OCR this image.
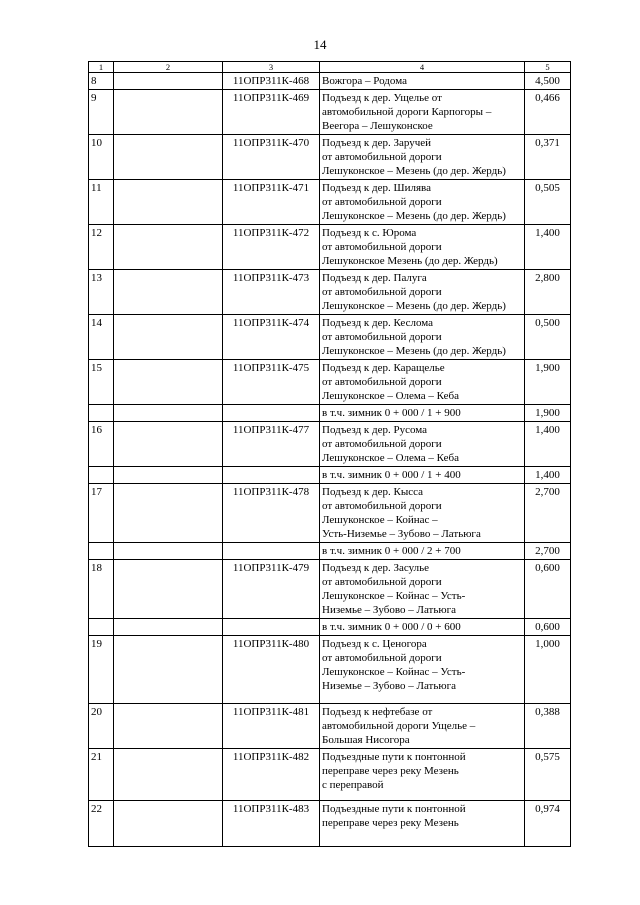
14
1	2	3	4	5
8		11ОПР311К-468	Вожгора – Родома	4,500
9		11ОПР311К-469	Подъезд к дер. Ущелье от
автомобильной дороги Карпогоры –
Веегора – Лешуконское	0,466
10		11ОПР311К-470	Подъезд к дер. Заручей
от автомобильной дороги
Лешуконское – Мезень (до дер. Жердь)	0,371
11		11ОПР311К-471	Подъезд к дер. Шилява
от автомобильной дороги
Лешуконское – Мезень (до дер. Жердь)	0,505
12		11ОПР311К-472	Подъезд к с. Юрома
от автомобильной дороги
Лешуконское Мезень (до дер. Жердь)	1,400
13		11ОПР311К-473	Подъезд к дер. Палуга
от автомобильной дороги
Лешуконское – Мезень (до дер. Жердь)	2,800
14		11ОПР311К-474	Подъезд к дер. Кеслома
от автомобильной дороги
Лешуконское – Мезень (до дер. Жердь)	0,500
15		11ОПР311К-475	Подъезд к дер. Каращелье
от автомобильной дороги
Лешуконское – Олема – Кеба	1,900
			в т.ч. зимник 0 + 000 / 1 + 900	1,900
16		11ОПР311К-477	Подъезд к дер. Русома
от автомобильной дороги
Лешуконское – Олема – Кеба	1,400
			в т.ч. зимник 0 + 000 / 1 + 400	1,400
17		11ОПР311К-478	Подъезд к дер. Кысса
от автомобильной дороги
Лешуконское – Койнас –
Усть-Низемье – Зубово – Латьюга	2,700
			в т.ч. зимник 0 + 000 / 2 + 700	2,700
18		11ОПР311К-479	Подъезд к дер. Засулье
от автомобильной дороги
Лешуконское – Койнас – Усть-
Низемье – Зубово – Латьюга	0,600
			в т.ч. зимник 0 + 000 / 0 + 600	0,600
19		11ОПР311К-480	Подъезд к с. Ценогора
от автомобильной дороги
Лешуконское – Койнас – Усть-
Низемье – Зубово – Латьюга	1,000
20		11ОПР311К-481	Подъезд к нефтебазе от
автомобильной дороги Ущелье –
Большая Нисогора	0,388
21		11ОПР311К-482	Подъездные пути к понтонной
переправе через реку Мезень
с переправой	0,575
22		11ОПР311К-483	Подъездные пути к понтонной
переправе через реку Мезень	0,974
